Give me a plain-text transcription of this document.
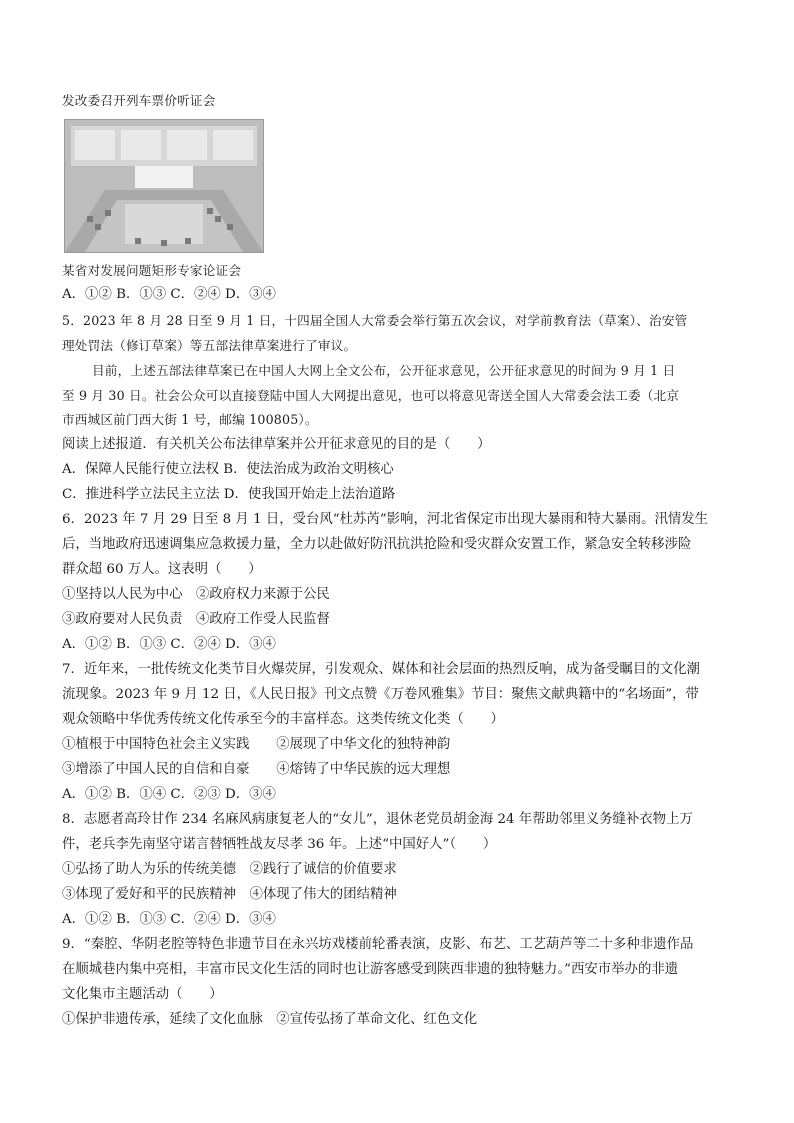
发改委召开列车票价听证会
某省对发展问题矩形专家论证会
A．①② B．①③ C．②④ D．③④
5．2023 年 8 月 28 日至 9 月 1 日，十四届全国人大常委会举行第五次会议，对学前教育法（草案）、治安管
理处罚法（修订草案）等五部法律草案进行了审议。
目前，上述五部法律草案已在中国人大网上全文公布，公开征求意见，公开征求意见的时间为 9 月 1 日
至 9 月 30 日。社会公众可以直接登陆中国人大网提出意见，也可以将意见寄送全国人大常委会法工委（北京
市西城区前门西大街 1 号，邮编 100805）。
阅读上述报道．有关机关公布法律草案并公开征求意见的目的是（　　）
A．保障人民能行使立法权 B．使法治成为政治文明核心
C．推进科学立法民主立法 D．使我国开始走上法治道路
6．2023 年 7 月 29 日至 8 月 1 日，受台风“杜苏芮”影响，河北省保定市出现大暴雨和特大暴雨。汛情发生
后，当地政府迅速调集应急救援力量，全力以赴做好防汛抗洪抢险和受灾群众安置工作，紧急安全转移涉险
群众超 60 万人。这表明（　　）
①坚持以人民为中心　②政府权力来源于公民
③政府要对人民负责　④政府工作受人民监督
A．①② B．①③ C．②④ D．③④
7．近年来，一批传统文化类节目火爆荧屏，引发观众、媒体和社会层面的热烈反响，成为备受瞩目的文化潮
流现象。2023 年 9 月 12 日，《人民日报》刊文点赞《万卷风雅集》节目：聚焦文献典籍中的“名场面”，带
观众领略中华优秀传统文化传承至今的丰富样态。这类传统文化类（　　）
①植根于中国特色社会主义实践　　②展现了中华文化的独特神韵
③增添了中国人民的自信和自豪　　④熔铸了中华民族的远大理想
A．①② B．①④ C．②③ D．③④
8．志愿者高玲甘作 234 名麻风病康复老人的“女儿”，退休老党员胡金海 24 年帮助邻里义务缝补衣物上万
件，老兵李先南坚守诺言替牺牲战友尽孝 36 年。上述“中国好人”（　　）
①弘扬了助人为乐的传统美德　②践行了诚信的价值要求
③体现了爱好和平的民族精神　④体现了伟大的团结精神
A．①② B．①③ C．②④ D．③④
9．“秦腔、华阴老腔等特色非遗节目在永兴坊戏楼前轮番表演，皮影、布艺、工艺葫芦等二十多种非遗作品
在顺城巷内集中亮相，丰富市民文化生活的同时也让游客感受到陕西非遗的独特魅力。”西安市举办的非遗
文化集市主题活动（　　）
①保护非遗传承，延续了文化血脉　②宣传弘扬了革命文化、红色文化
